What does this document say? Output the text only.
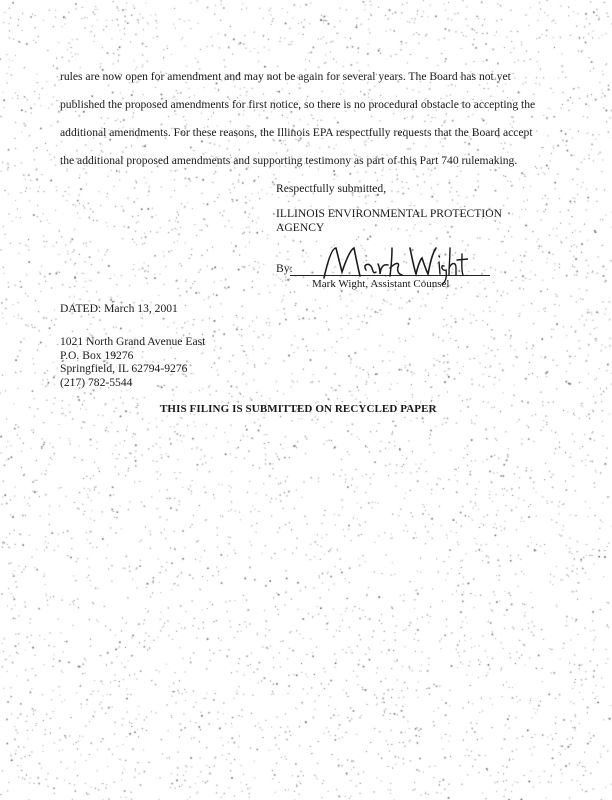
rules are now open for amendment and may not be again for several years. The Board has not yet
published the proposed amendments for first notice, so there is no procedural obstacle to accepting the
additional amendments. For these reasons, the Illinois EPA respectfully requests that the Board accept
the additional proposed amendments and supporting testimony as part of this Part 740 rulemaking.
Respectfully submitted,
ILLINOIS ENVIRONMENTAL PROTECTION AGENCY
By:
Mark Wight, Assistant Counsel
DATED: March 13, 2001
1021 North Grand Avenue East
P.O. Box 19276
Springfield, IL 62794-9276
(217) 782-5544
THIS FILING IS SUBMITTED ON RECYCLED PAPER
